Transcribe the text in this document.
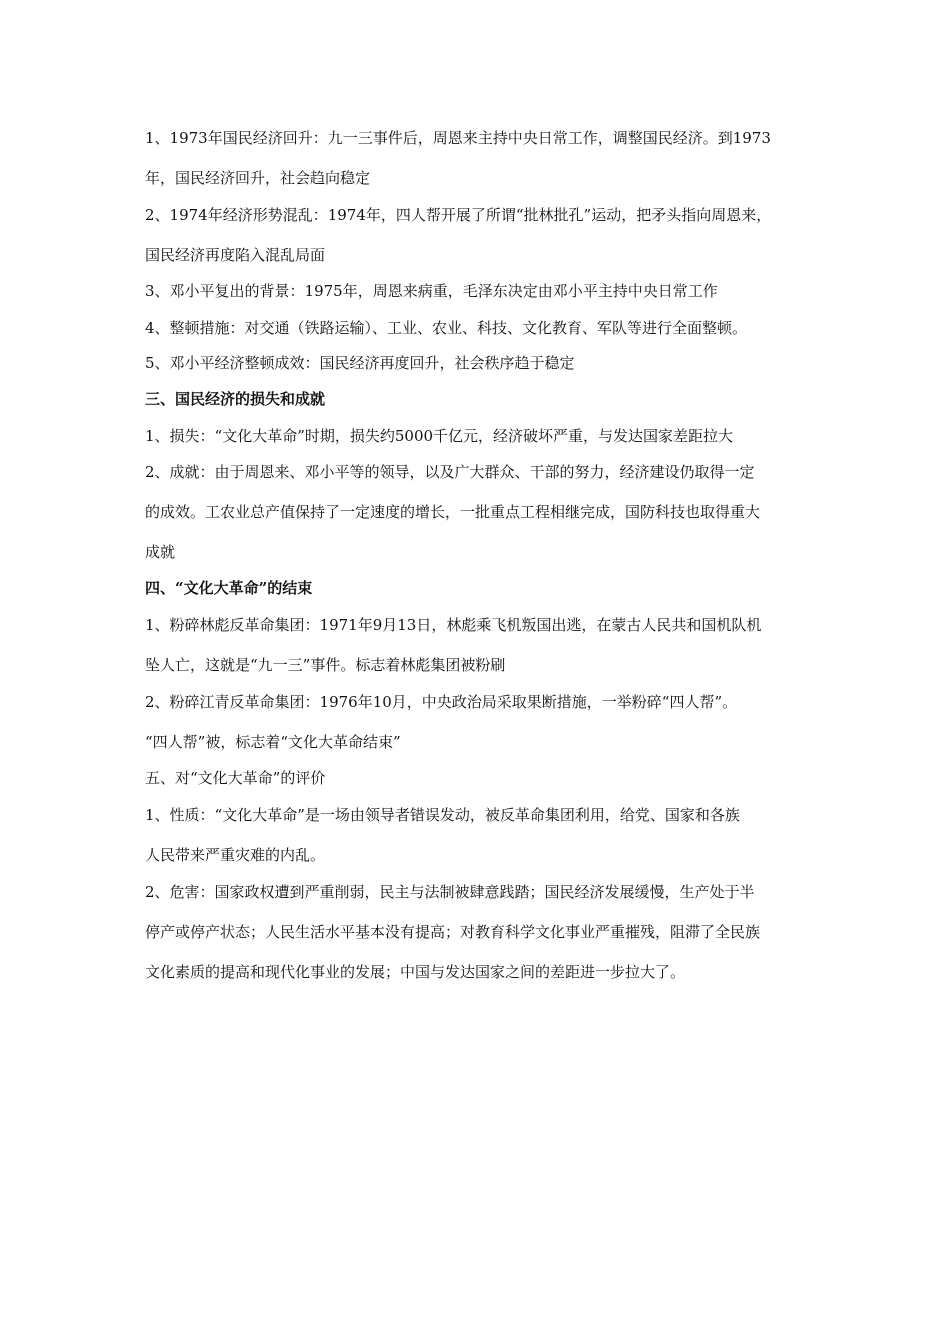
1、1973年国民经济回升：九一三事件后，周恩来主持中央日常工作，调整国民经济。到1973
年，国民经济回升，社会趋向稳定
2、1974年经济形势混乱：1974年，四人帮开展了所谓“批林批孔”运动，把矛头指向周恩来，
国民经济再度陷入混乱局面
3、邓小平复出的背景：1975年，周恩来病重，毛泽东决定由邓小平主持中央日常工作
4、整顿措施：对交通（铁路运输）、工业、农业、科技、文化教育、军队等进行全面整顿。
5、邓小平经济整顿成效：国民经济再度回升，社会秩序趋于稳定
三、国民经济的损失和成就
1、损失：“文化大革命”时期，损失约5000千亿元，经济破坏严重，与发达国家差距拉大
2、成就：由于周恩来、邓小平等的领导，以及广大群众、干部的努力，经济建设仍取得一定
的成效。工农业总产值保持了一定速度的增长，一批重点工程相继完成，国防科技也取得重大
成就
四、“文化大革命”的结束
1、粉碎林彪反革命集团：1971年9月13日，林彪乘飞机叛国出逃，在蒙古人民共和国机队机
坠人亡，这就是“九一三”事件。标志着林彪集团被粉刷
2、粉碎江青反革命集团：1976年10月，中央政治局采取果断措施，一举粉碎“四人帮”。
“四人帮”被，标志着“文化大革命结束”
五、对“文化大革命”的评价
1、性质：“文化大革命”是一场由领导者错误发动，被反革命集团利用，给党、国家和各族
人民带来严重灾难的内乱。
2、危害：国家政权遭到严重削弱，民主与法制被肆意践踏；国民经济发展缓慢，生产处于半
停产或停产状态；人民生活水平基本没有提高；对教育科学文化事业严重摧残，阻滞了全民族
文化素质的提高和现代化事业的发展；中国与发达国家之间的差距进一步拉大了。
